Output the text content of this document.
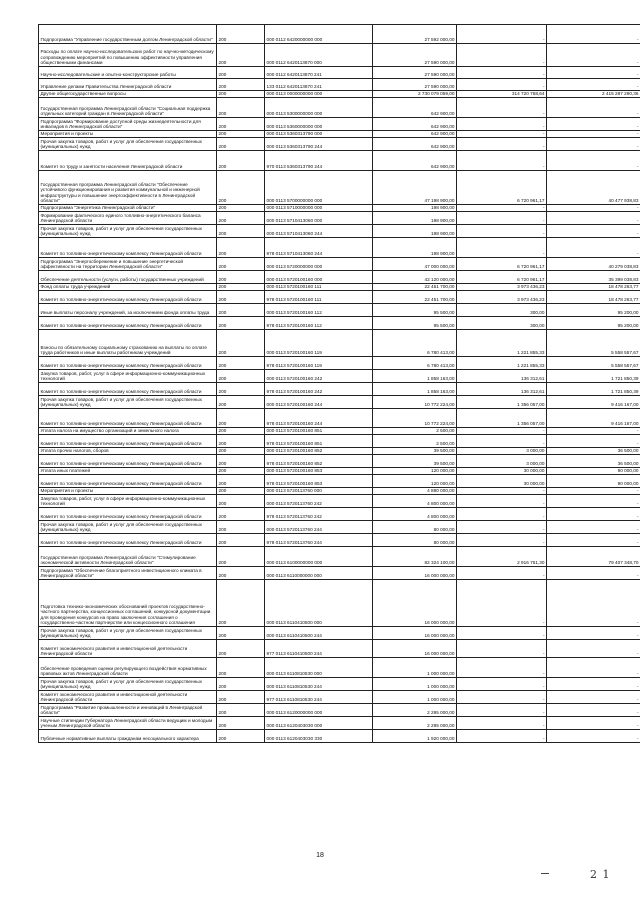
Подпрограмма "Управление государственным долгом Ленинградской области"	200	000 0112 6420000000 000	27 592 000,00	-	-
Расходы по оплате научно-исследовательских работ по научно-методическому сопровождению мероприятий по повышению эффективности управления общественными финансами	200	000 0112 6420113870 000	27 590 000,00	-	-
Научно-исследовательские и опытно-конструкторские работы	200	000 0112 6420113870 241	27 590 000,00	-	-
Управление делами Правительства Ленинградской области	200	133 0112 6420113870 241	27 590 000,00	-	-
Другие общегосударственные вопросы	200	000 0113 0000000000 000	2 730 079 059,00	314 720 768,64	2 415 287 290,36
Государственная программа Ленинградской области "Социальная поддержка отдельных категорий граждан в Ленинградской области"	200	000 0113 5300000000 000	642 900,00	-	-
Подпрограмма "Формирование доступной среды жизнедеятельности для инвалидов в Ленинградской области"	200	000 0113 5360000000 000	642 900,00	-	-
Мероприятия и проекты	200	000 0113 5360313790 000	642 900,00	-	-
Прочая закупка товаров, работ и услуг для обеспечения государственных (муниципальных) нужд	200	000 0113 5360313790 244	642 900,00	-	-
Комитет по труду и занятости населения Ленинградской области	200	970 0113 5360313790 244	642 900,00	-	-
Государственная программа Ленинградской области "Обеспечение устойчивого функционирования и развития коммунальной и инженерной инфраструктуры и повышение энергоэффективности в Ленинградской области"	200	000 0113 5700000000 000	47 198 900,00	6 720 961,17	40 477 938,83
Подпрограмма "Энергетика Ленинградской области"	200	000 0113 5710000000 000	198 900,00	-	-
Формирование фактического единого топливно-энергетического баланса Ленинградской области	200	000 0113 5710413060 000	198 900,00	-	-
Прочая закупка товаров, работ и услуг для обеспечения государственных (муниципальных) нужд	200	000 0113 5710413060 244	198 900,00	-	-
Комитет по топливно-энергетическому комплексу Ленинградской области	200	978 0113 5710413060 244	198 900,00	-	-
Подпрограмма "Энергосбережение и повышение энергетической эффективности на территории Ленинградской области"	200	000 0113 5720000000 000	47 000 000,00	6 720 961,17	40 279 038,83
Обеспечение деятельности (услуги, работы) государственных учреждений	200	000 0113 5720100160 000	42 120 000,00	6 720 961,17	35 399 038,83
Фонд оплаты труда учреждений	200	000 0113 5720100160 111	22 451 700,00	3 973 436,23	18 478 263,77
Комитет по топливно-энергетическому комплексу Ленинградской области	200	978 0113 5720100160 111	22 451 700,00	3 973 436,23	18 478 263,77
Иные выплаты персоналу учреждений, за исключением фонда оплаты труда	200	000 0113 5720100160 112	95 500,00	300,00	95 200,00
Комитет по топливно-энергетическому комплексу Ленинградской области	200	978 0113 5720100160 112	95 500,00	300,00	95 200,00
Взносы по обязательному социальному страхованию на выплаты по оплате труда работников и иные выплаты работникам учреждений	200	000 0113 5720100160 119	6 780 413,00	1 221 855,33	5 558 557,67
Комитет по топливно-энергетическому комплексу Ленинградской области	200	978 0113 5720100160 119	6 780 413,00	1 221 855,33	5 558 557,67
Закупка товаров, работ, услуг в сфере информационно-коммуникационных технологий	200	000 0113 5720100160 242	1 858 163,00	136 312,61	1 721 850,39
Комитет по топливно-энергетическому комплексу Ленинградской области	200	978 0113 5720100160 242	1 858 163,00	136 312,61	1 721 850,39
Прочая закупка товаров, работ и услуг для обеспечения государственных (муниципальных) нужд	200	000 0113 5720100160 244	10 772 224,00	1 356 057,00	9 416 167,00
Комитет по топливно-энергетическому комплексу Ленинградской области	200	978 0113 5720100160 244	10 772 224,00	1 356 057,00	9 416 167,00
Уплата налога на имущество организаций и земельного налога	200	000 0113 5720100160 851	2 500,00	-	-
Комитет по топливно-энергетическому комплексу Ленинградской области	200	978 0113 5720100160 851	2 500,00	-	-
Уплата прочих налогов, сборов	200	000 0113 5720100160 852	39 500,00	3 000,00	36 500,00
Комитет по топливно-энергетическому комплексу Ленинградской области	200	978 0113 5720100160 852	39 500,00	3 000,00	36 500,00
Уплата иных платежей	200	000 0113 5720100160 853	120 000,00	30 000,00	90 000,00
Комитет по топливно-энергетическому комплексу Ленинградской области	200	978 0113 5720100160 853	120 000,00	30 000,00	90 000,00
Мероприятия и проекты	200	000 0113 5720113760 000	4 880 000,00	-	-
Закупка товаров, работ, услуг в сфере информационно-коммуникационных технологий	200	000 0113 5720113760 242	4 800 000,00	-	-
Комитет по топливно-энергетическому комплексу Ленинградской области	200	978 0113 5720113760 242	4 800 000,00	-	-
Прочая закупка товаров, работ и услуг для обеспечения государственных (муниципальных) нужд	200	000 0113 5720113760 244	80 000,00	-	-
Комитет по топливно-энергетическому комплексу Ленинградской области	200	978 0113 5720113760 244	80 000,00	-	-
Государственная программа Ленинградской области "Стимулирование экономической активности Ленинградской области"	200	000 0113 6100000000 000	82 324 100,00	2 916 751,30	79 407 348,70
Подпрограмма "Обеспечение благоприятного инвестиционного климата в Ленинградской области"	200	000 0113 6110000000 000	16 000 000,00	-	-
Подготовка технико-экономических обоснований проектов государственно-частного партнерства, концессионных соглашений, конкурсной документации для проведения конкурсов на право заключения соглашения о государственно-частном партнерстве или концессионного соглашения	200	000 0113 6110410500 000	16 000 000,00	-	-
Прочая закупка товаров, работ и услуг для обеспечения государственных (муниципальных) нужд	200	000 0113 6110410500 244	16 000 000,00	-	-
Комитет экономического развития и инвестиционной деятельности Ленинградской области	200	977 0113 6110410500 244	16 000 000,00	-	-
Обеспечение проведения оценки регулирующего воздействия нормативных правовых актов Ленинградской области	200	000 0113 6110810530 000	1 000 000,00	-	-
Прочая закупка товаров, работ и услуг для обеспечения государственных (муниципальных) нужд	200	000 0113 6110810530 244	1 000 000,00	-	-
Комитет экономического развития и инвестиционной деятельности Ленинградской области	200	977 0113 6110810530 244	1 000 000,00	-	-
Подпрограмма "Развитие промышленности и инноваций в Ленинградской области"	200	000 0113 6120000000 000	2 295 000,00	-	-
Научные стипендии Губернатора Ленинградской области ведущим и молодым ученым Ленинградской области	200	000 0113 6120403030 000	2 295 000,00	-	-
Публичные нормативные выплаты гражданам несоциального характера	200	000 0113 6120403030 330	1 920 000,00	-	-
18
2 1
